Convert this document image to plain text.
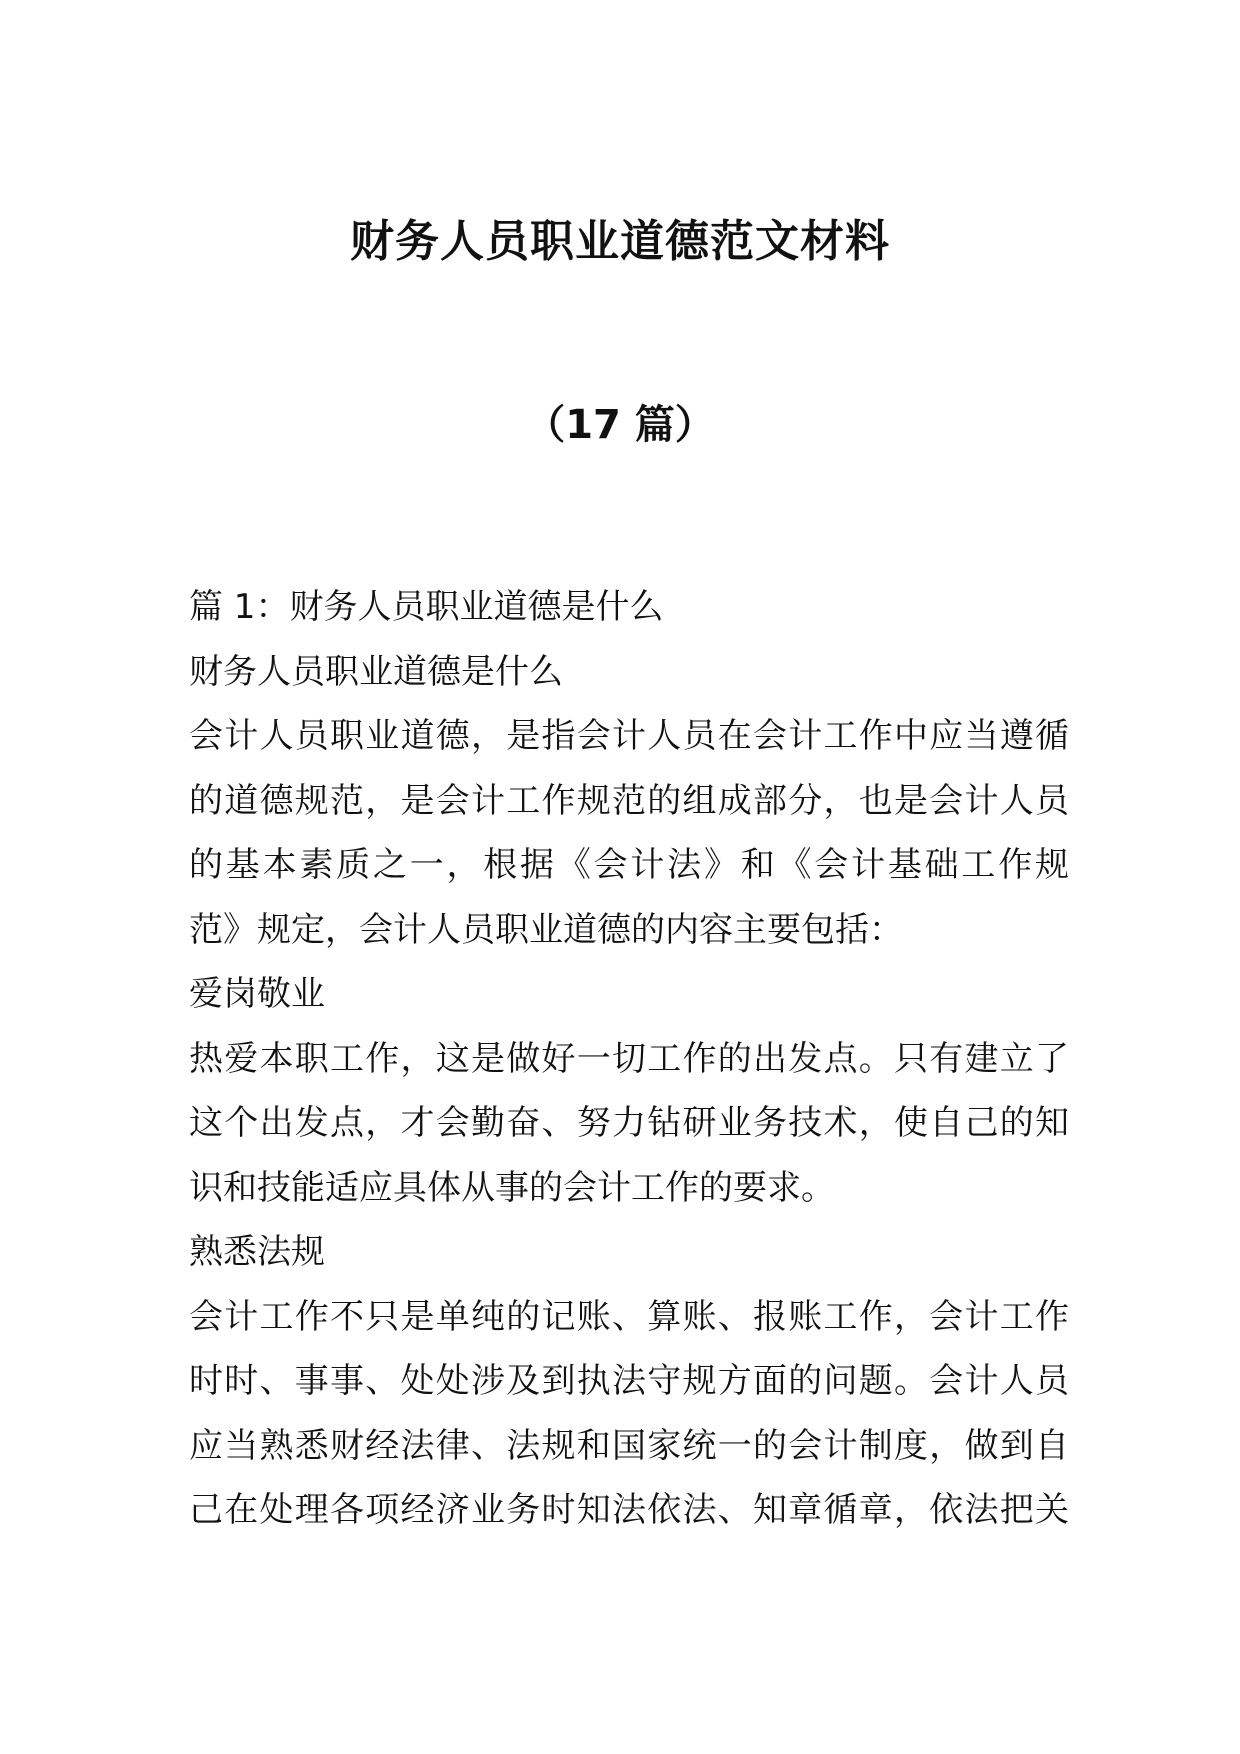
财务人员职业道德范文材料
（17 篇）
篇 1：财务人员职业道德是什么
财务人员职业道德是什么
会计人员职业道德，是指会计人员在会计工作中应当遵循
的道德规范，是会计工作规范的组成部分，也是会计人员
的基本素质之一，根据《会计法》和《会计基础工作规
范》规定，会计人员职业道德的内容主要包括：
爱岗敬业
热爱本职工作，这是做好一切工作的出发点。只有建立了
这个出发点，才会勤奋、努力钻研业务技术，使自己的知
识和技能适应具体从事的会计工作的要求。
熟悉法规
会计工作不只是单纯的记账、算账、报账工作，会计工作
时时、事事、处处涉及到执法守规方面的问题。会计人员
应当熟悉财经法律、法规和国家统一的会计制度，做到自
己在处理各项经济业务时知法依法、知章循章，依法把关
